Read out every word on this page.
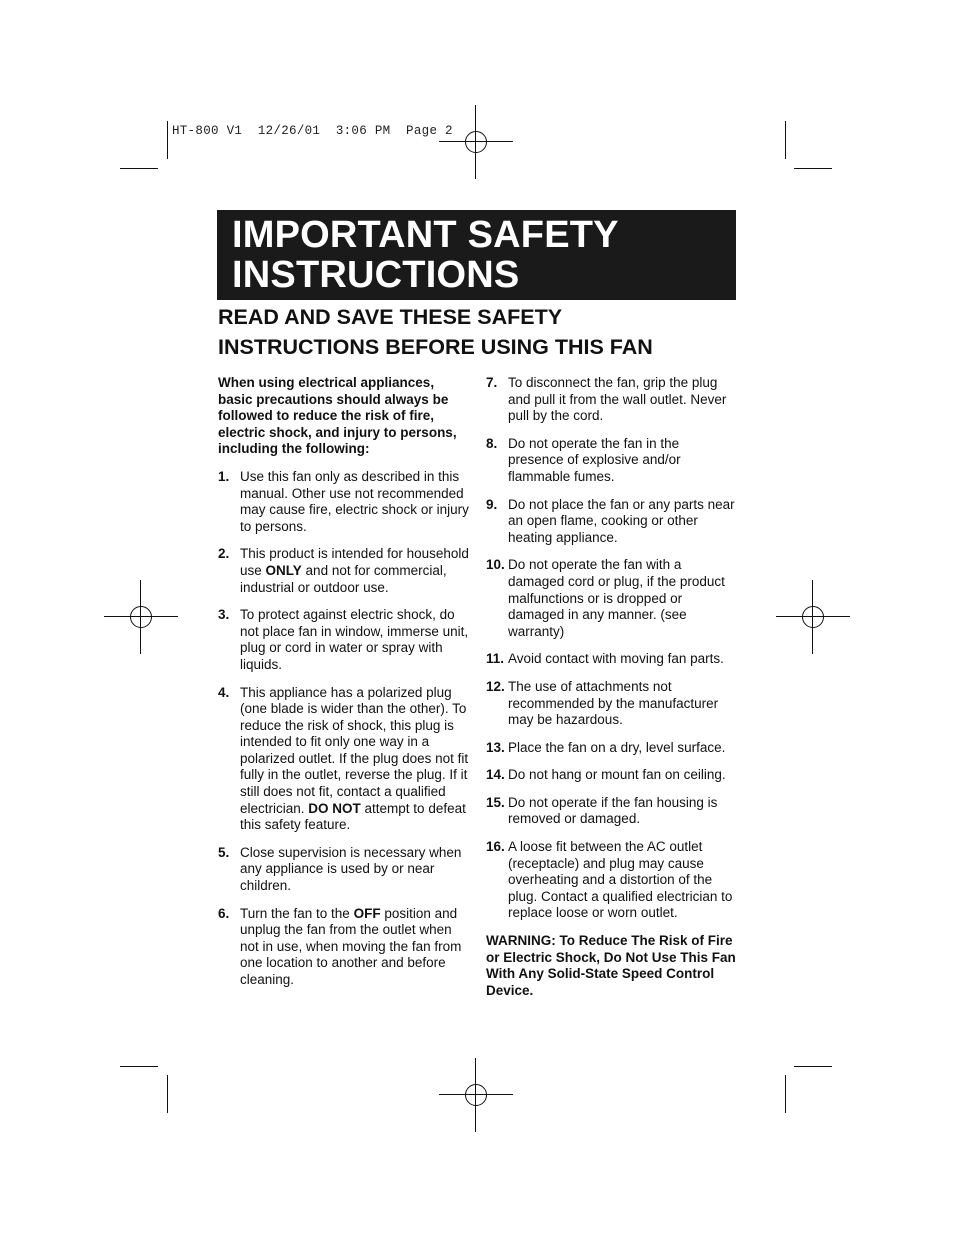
HT-800 V1  12/26/01  3:06 PM  Page 2
IMPORTANT SAFETY
INSTRUCTIONS
READ AND SAVE THESE SAFETY
INSTRUCTIONS BEFORE USING THIS FAN

When using electrical appliances, basic precautions should always be followed to reduce the risk of fire, electric shock, and injury to persons, including the following:

1. Use this fan only as described in this manual. Other use not recommended may cause fire, electric shock or injury to persons.
2. This product is intended for household use ONLY and not for commercial, industrial or outdoor use.
3. To protect against electric shock, do not place fan in window, immerse unit, plug or cord in water or spray with liquids.
4. This appliance has a polarized plug (one blade is wider than the other). To reduce the risk of shock, this plug is intended to fit only one way in a polarized outlet. If the plug does not fit fully in the outlet, reverse the plug. If it still does not fit, contact a qualified electrician. DO NOT attempt to defeat this safety feature.
5. Close supervision is necessary when any appliance is used by or near children.
6. Turn the fan to the OFF position and unplug the fan from the outlet when not in use, when moving the fan from one location to another and before cleaning.
7. To disconnect the fan, grip the plug and pull it from the wall outlet. Never pull by the cord.
8. Do not operate the fan in the presence of explosive and/or flammable fumes.
9. Do not place the fan or any parts near an open flame, cooking or other heating appliance.
10. Do not operate the fan with a damaged cord or plug, if the product malfunctions or is dropped or damaged in any manner. (see warranty)
11. Avoid contact with moving fan parts.
12. The use of attachments not recommended by the manufacturer may be hazardous.
13. Place the fan on a dry, level surface.
14. Do not hang or mount fan on ceiling.
15. Do not operate if the fan housing is removed or damaged.
16. A loose fit between the AC outlet (receptacle) and plug may cause overheating and a distortion of the plug. Contact a qualified electrician to replace loose or worn outlet.

WARNING: To Reduce The Risk of Fire or Electric Shock, Do Not Use This Fan With Any Solid-State Speed Control Device.
